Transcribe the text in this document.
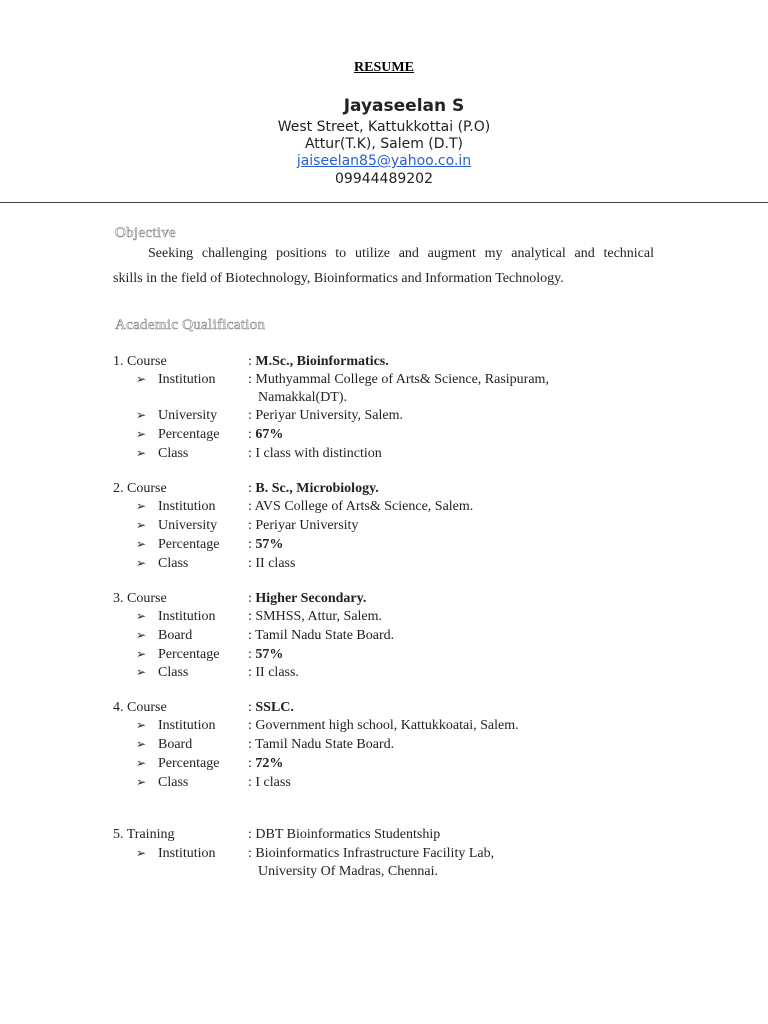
RESUME
Jayaseelan S
West Street, Kattukkottai (P.O)
Attur(T.K), Salem (D.T)
jaiseelan85@yahoo.co.in
09944489202
Objective
Seeking challenging positions to utilize and augment my analytical and technical
skills in the field of Biotechnology, Bioinformatics and Information Technology.
Academic Qualification
1. Course	: M.Sc., Bioinformatics.
➢ Institution : Muthyammal College of Arts& Science, Rasipuram,
Namakkal(DT).
➢ University : Periyar University, Salem.
➢ Percentage : 67%
➢ Class	: I class with distinction
2. Course	: B. Sc., Microbiology.
➢ Institution : AVS College of Arts& Science, Salem.
➢ University : Periyar University
➢ Percentage : 57%
➢ Class	: II class
3. Course	: Higher Secondary.
➢ Institution : SMHSS, Attur, Salem.
➢ Board	: Tamil Nadu State Board.
➢ Percentage : 57%
➢ Class	: II class.
4. Course	: SSLC.
➢ Institution : Government high school, Kattukkoatai, Salem.
➢ Board	: Tamil Nadu State Board.
➢ Percentage : 72%
➢ Class	: I class
5. Training	: DBT Bioinformatics Studentship
➢ Institution : Bioinformatics Infrastructure Facility Lab,
University Of Madras, Chennai.
